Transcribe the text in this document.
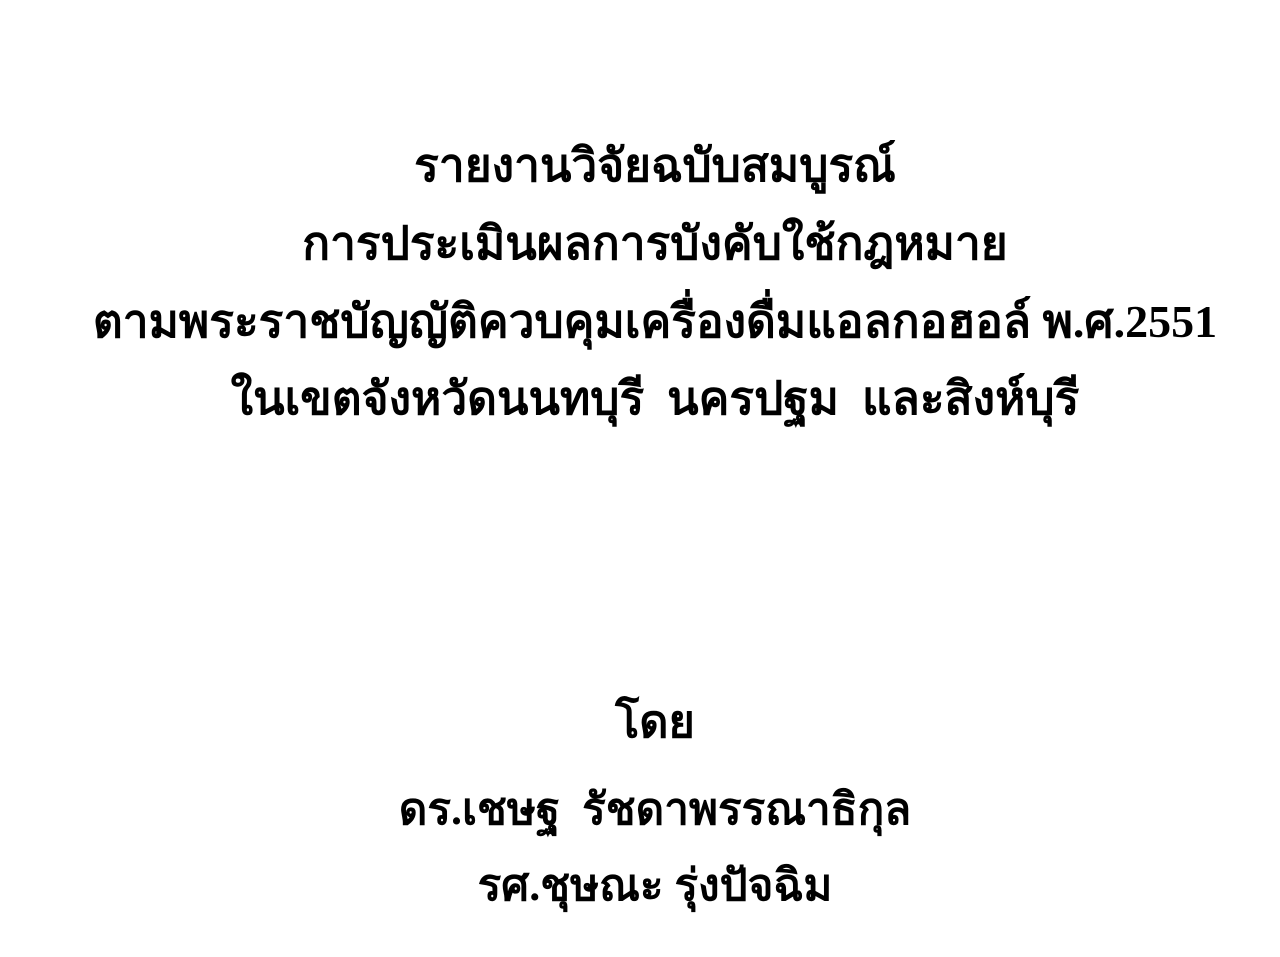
รายงานวิจัยฉบับสมบูรณ์
การประเมินผลการบังคับใช้กฎหมาย
ตามพระราชบัญญัติควบคุมเครื่องดื่มแอลกอฮอล์ พ.ศ.2551
ในเขตจังหวัดนนทบุรี  นครปฐม  และสิงห์บุรี
โดย
ดร.เชษฐ  รัชดาพรรณาธิกุล
รศ.ชุษณะ รุ่งปัจฉิม
